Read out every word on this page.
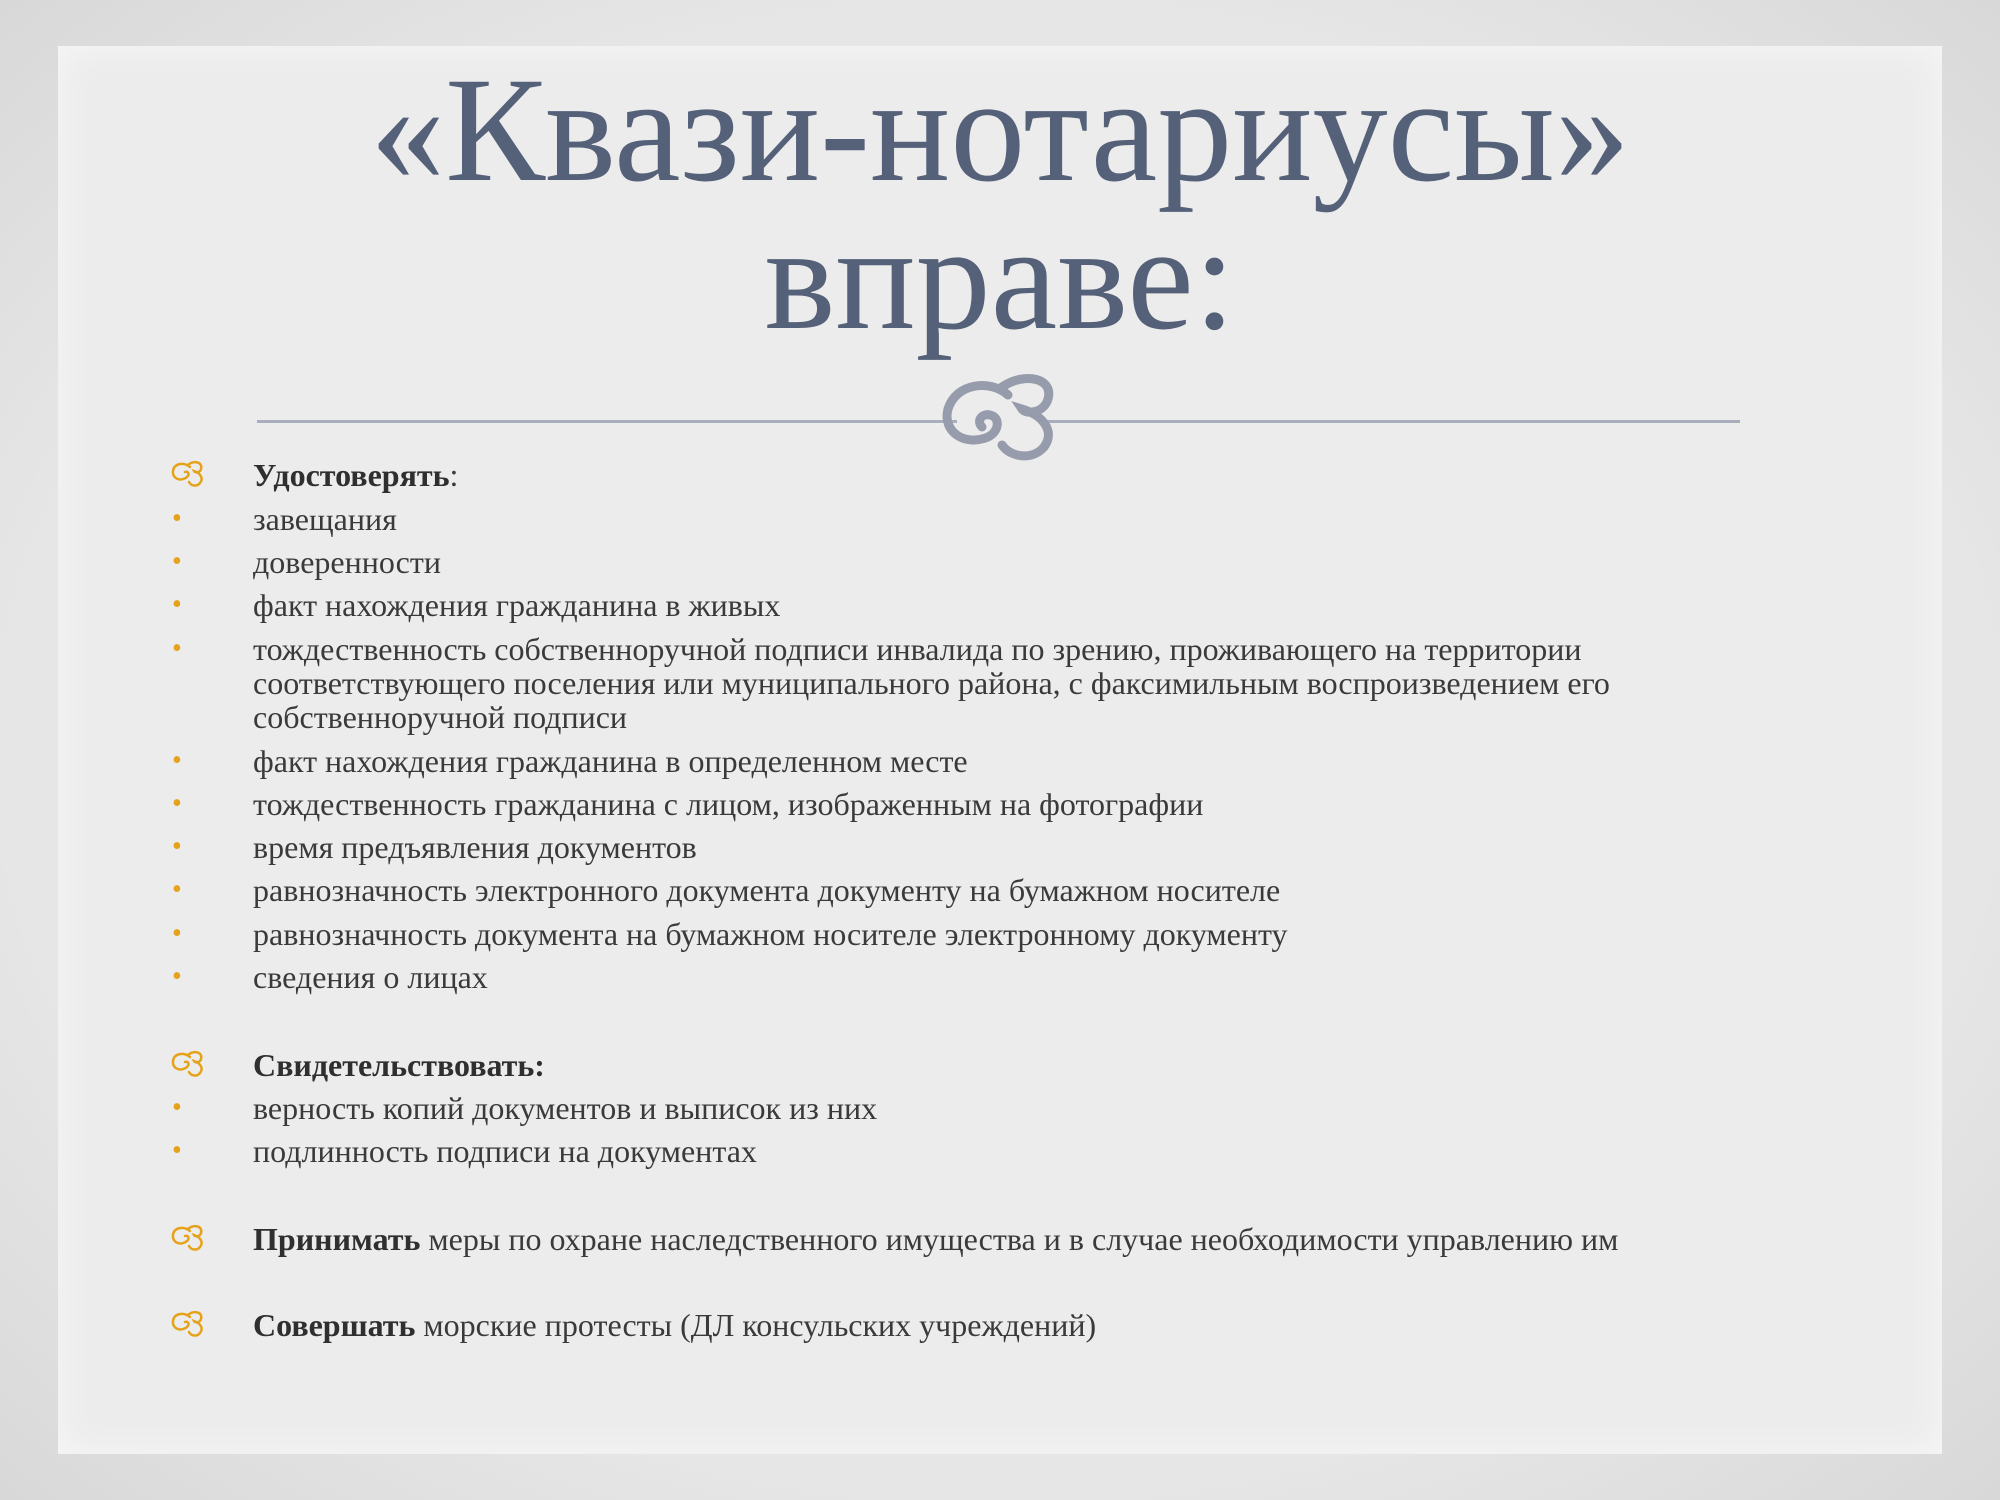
«Квази-нотариусы»
вправе:
Удостоверять:
•	завещания
•	доверенности
•	факт нахождения гражданина в живых
•	тождественность собственноручной подписи инвалида по зрению, проживающего на территории
соответствующего поселения или муниципального района, с факсимильным воспроизведением его
собственноручной подписи
•	факт нахождения гражданина в определенном месте
•	тождественность гражданина с лицом, изображенным на фотографии
•	время предъявления документов
•	равнозначность электронного документа документу на бумажном носителе
•	равнозначность документа на бумажном носителе электронному документу
•	сведения о лицах
Свидетельствовать:
•	верность копий документов и выписок из них
•	подлинность подписи на документах
Принимать меры по охране наследственного имущества и в случае необходимости управлению им
Совершать морские протесты (ДЛ консульских учреждений)
